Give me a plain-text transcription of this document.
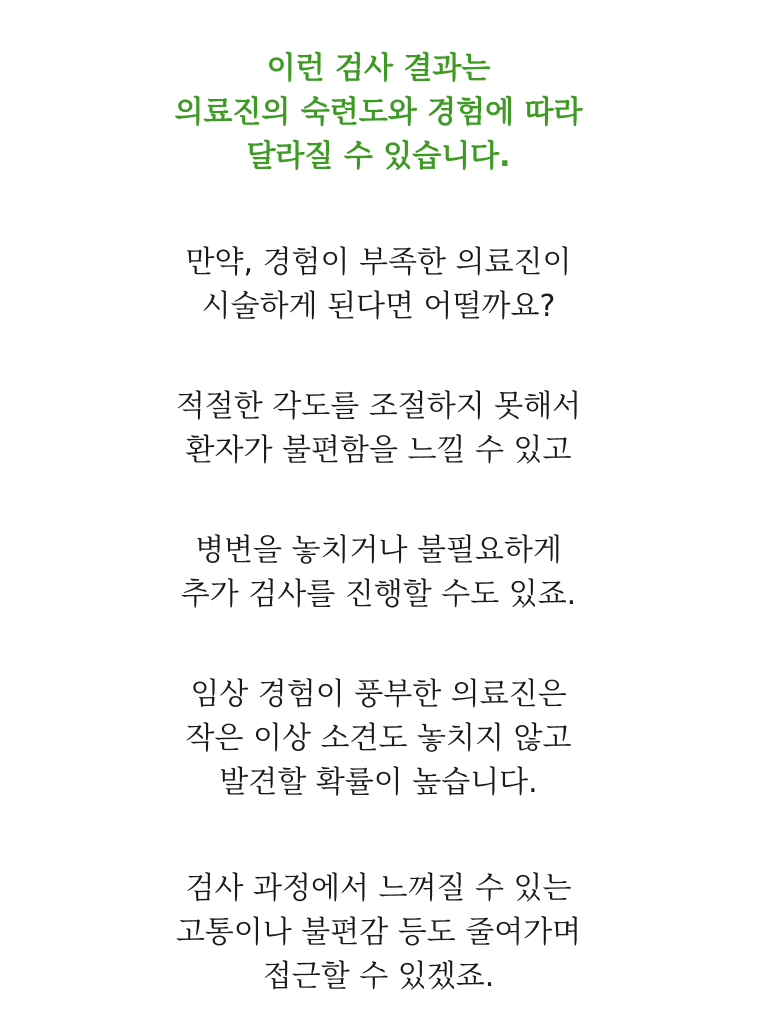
이런 검사 결과는
의료진의 숙련도와 경험에 따라
달라질 수 있습니다.
만약, 경험이 부족한 의료진이
시술하게 된다면 어떨까요?
적절한 각도를 조절하지 못해서
환자가 불편함을 느낄 수 있고
병변을 놓치거나 불필요하게
추가 검사를 진행할 수도 있죠.
임상 경험이 풍부한 의료진은
작은 이상 소견도 놓치지 않고
발견할 확률이 높습니다.
검사 과정에서 느껴질 수 있는
고통이나 불편감 등도 줄여가며
접근할 수 있겠죠.
